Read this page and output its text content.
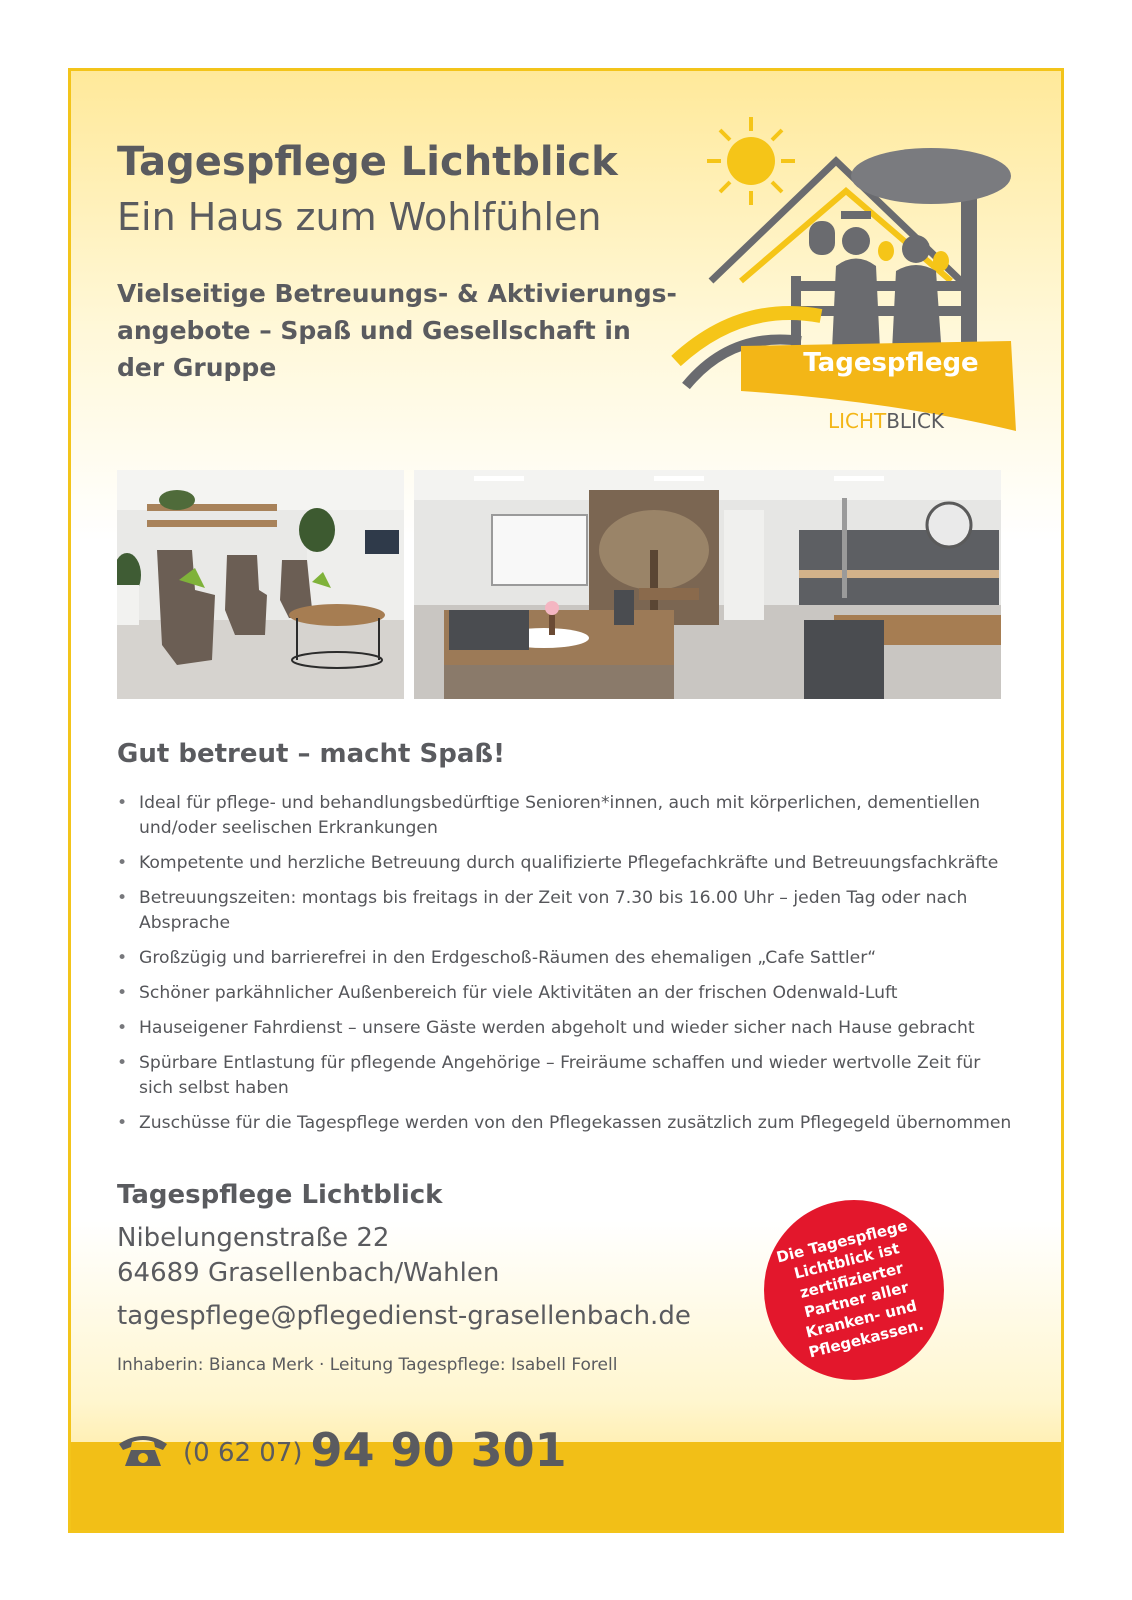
Tagespflege Lichtblick
Ein Haus zum Wohlfühlen
Vielseitige Betreuungs- & Aktivierungs-angebote – Spaß und Gesellschaft in der Gruppe	Tagespflege
LICHTBLICK
Gut betreut – macht Spaß!
• Ideal für pflege- und behandlungsbedürftige Senioren*innen, auch mit körperlichen, dementiellen und/oder seelischen Erkrankungen
• Kompetente und herzliche Betreuung durch qualifizierte Pflegefachkräfte und Betreuungsfachkräfte
• Betreuungszeiten: montags bis freitags in der Zeit von 7.30 bis 16.00 Uhr – jeden Tag oder nach Absprache
• Großzügig und barrierefrei in den Erdgeschoß-Räumen des ehemaligen „Cafe Sattler“
• Schöner parkähnlicher Außenbereich für viele Aktivitäten an der frischen Odenwald-Luft
• Hauseigener Fahrdienst – unsere Gäste werden abgeholt und wieder sicher nach Hause gebracht
• Spürbare Entlastung für pflegende Angehörige – Freiräume schaffen und wieder wertvolle Zeit für sich selbst haben
• Zuschüsse für die Tagespflege werden von den Pflegekassen zusätzlich zum Pflegegeld übernommen
Tagespflege Lichtblick
Nibelungenstraße 22
64689 Grasellenbach/Wahlen
tagespflege@pflegedienst-grasellenbach.de
Inhaberin: Bianca Merk · Leitung Tagespflege: Isabell Forell
Die Tagespflege Lichtblick ist zertifizierter Partner aller Kranken- und Pflegekassen.
(0 62 07) 94 90 301
